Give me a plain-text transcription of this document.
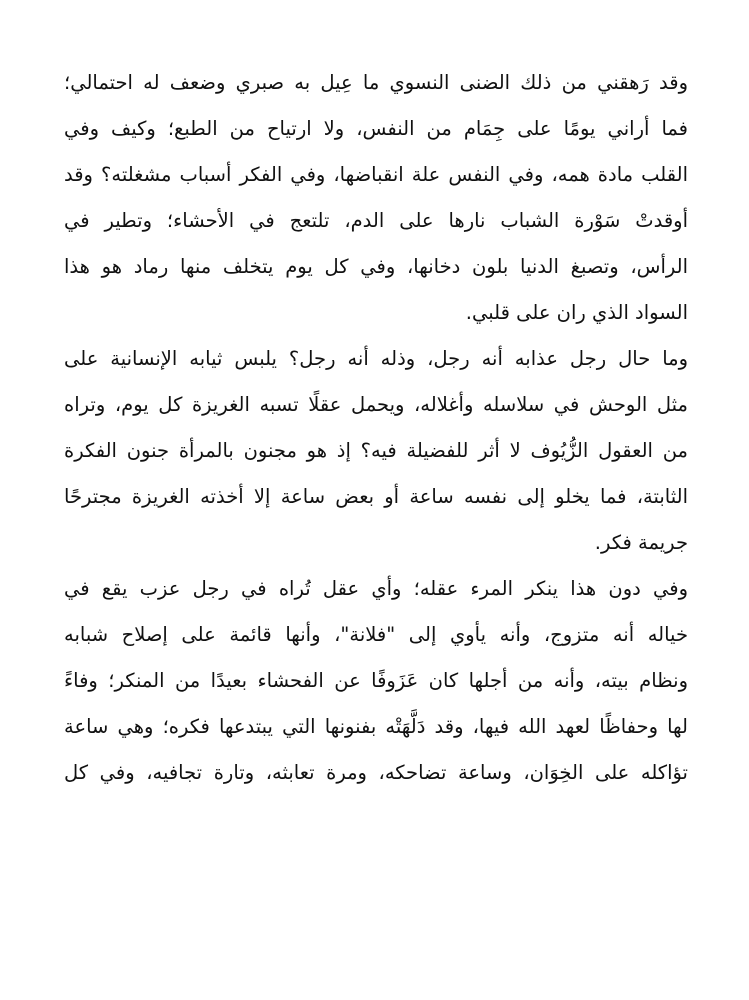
وقد رَهقني من ذلك الضنى النسوي ما عِيل به صبري وضعف له احتمالي؛
فما أراني يومًا على جِمَام من النفس، ولا ارتياح من الطبع؛ وكيف وفي
القلب مادة همه، وفي النفس علة انقباضها، وفي الفكر أسباب مشغلته؟ وقد
أوقدتْ سَوْرة الشباب نارها على الدم، تلتعج في الأحشاء؛ وتطير في
الرأس، وتصبغ الدنيا بلون دخانها، وفي كل يوم يتخلف منها رماد هو هذا
السواد الذي ران على قلبي.
وما حال رجل عذابه أنه رجل، وذله أنه رجل؟ يلبس ثيابه الإنسانية على
مثل الوحش في سلاسله وأغلاله، ويحمل عقلًا تسبه الغريزة كل يوم، وتراه
من العقول الزُّيُوف لا أثر للفضيلة فيه؟ إذ هو مجنون بالمرأة جنون الفكرة
الثابتة، فما يخلو إلى نفسه ساعة أو بعض ساعة إلا أخذته الغريزة مجترحًا
جريمة فكر.
وفي دون هذا ينكر المرء عقله؛ وأي عقل تُراه في رجل عزب يقع في
خياله أنه متزوج، وأنه يأوي إلى "فلانة"، وأنها قائمة على إصلاح شبابه
ونظام بيته، وأنه من أجلها كان عَزَوفًا عن الفحشاء بعيدًا من المنكر؛ وفاءً
لها وحفاظًا لعهد الله فيها، وقد دَلَّهَتْه بفنونها التي يبتدعها فكره؛ وهي ساعة
تؤاكله على الخِوَان، وساعة تضاحكه، ومرة تعابثه، وتارة تجافيه، وفي كل
